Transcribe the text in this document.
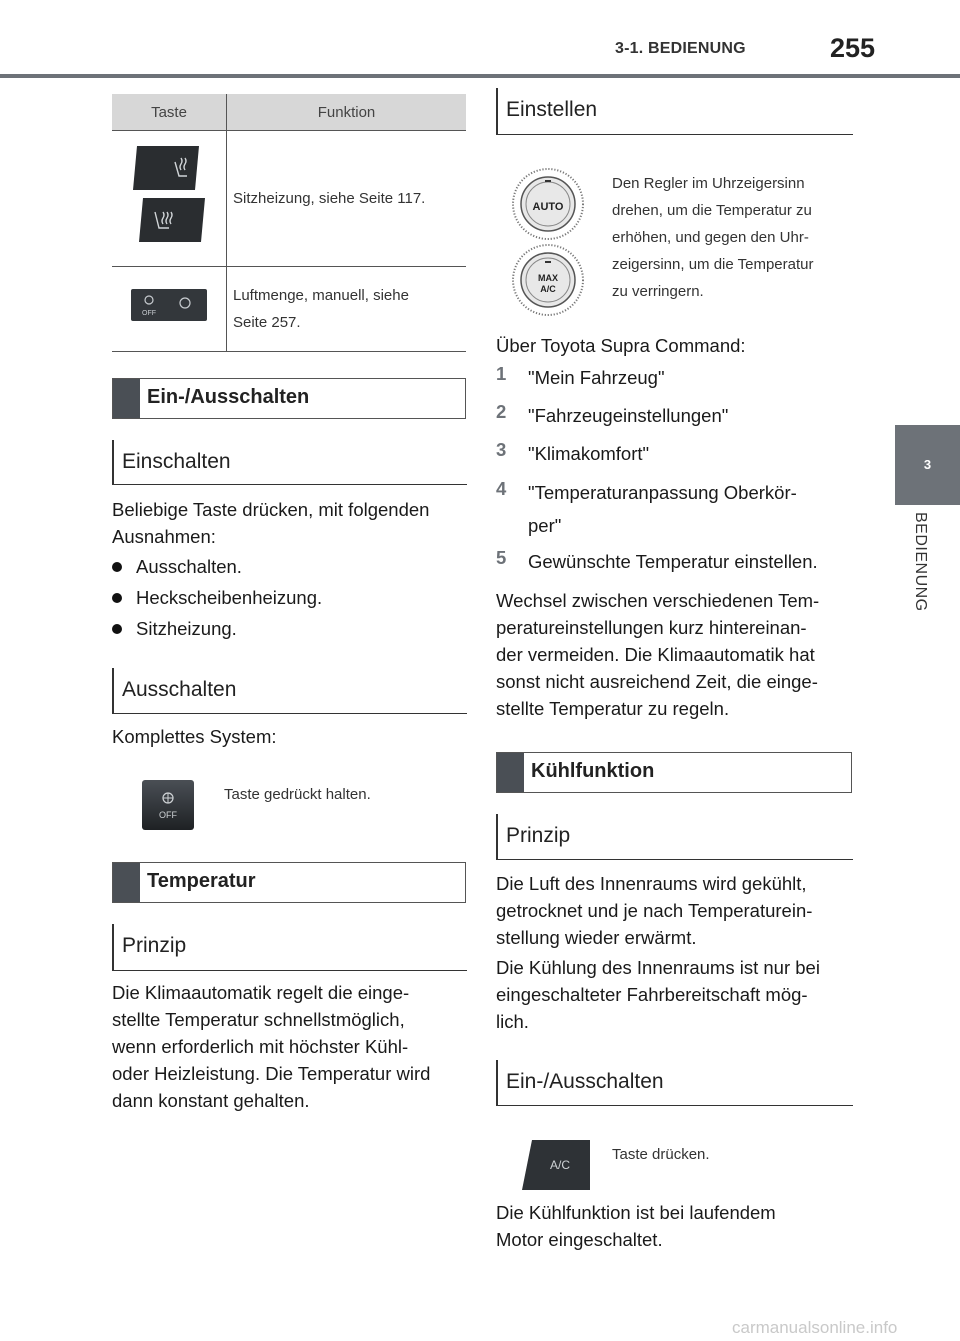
3-1. BEDIENUNG	255
3
BEDIENUNG
Taste	Funktion
	Sitzheizung, siehe Seite 117.

OFF	Luftmenge, manuell, siehe
Seite 257.
Ein-/Ausschalten
Einschalten
Beliebige Taste drücken, mit folgenden
Ausnahmen:
Ausschalten.
Heckscheibenheizung.
Sitzheizung.
Ausschalten
Komplettes System:
OFF
Taste gedrückt halten.
Temperatur
Prinzip
Die Klimaautomatik regelt die einge-
stellte Temperatur schnellstmöglich,
wenn erforderlich mit höchster Kühl-
oder Heizleistung. Die Temperatur wird
dann konstant gehalten.
Einstellen
AUTO
MAX
A/C
Den Regler im Uhrzeigersinn
drehen, um die Temperatur zu
erhöhen, und gegen den Uhr-
zeigersinn, um die Temperatur
zu verringern.
Über Toyota Supra Command:
1 "Mein Fahrzeug"
2 "Fahrzeugeinstellungen"
3 "Klimakomfort"
4 "Temperaturanpassung Oberkör-
per"
5 Gewünschte Temperatur einstellen.
Wechsel zwischen verschiedenen Tem-
peratureinstellungen kurz hintereinan-
der vermeiden. Die Klimaautomatik hat
sonst nicht ausreichend Zeit, die einge-
stellte Temperatur zu regeln.
Kühlfunktion
Prinzip
Die Luft des Innenraums wird gekühlt,
getrocknet und je nach Temperaturein-
stellung wieder erwärmt.
Die Kühlung des Innenraums ist nur bei
eingeschalteter Fahrbereitschaft mög-
lich.
Ein-/Ausschalten
A/C
Taste drücken.
Die Kühlfunktion ist bei laufendem
Motor eingeschaltet.
carmanualsonline.info
